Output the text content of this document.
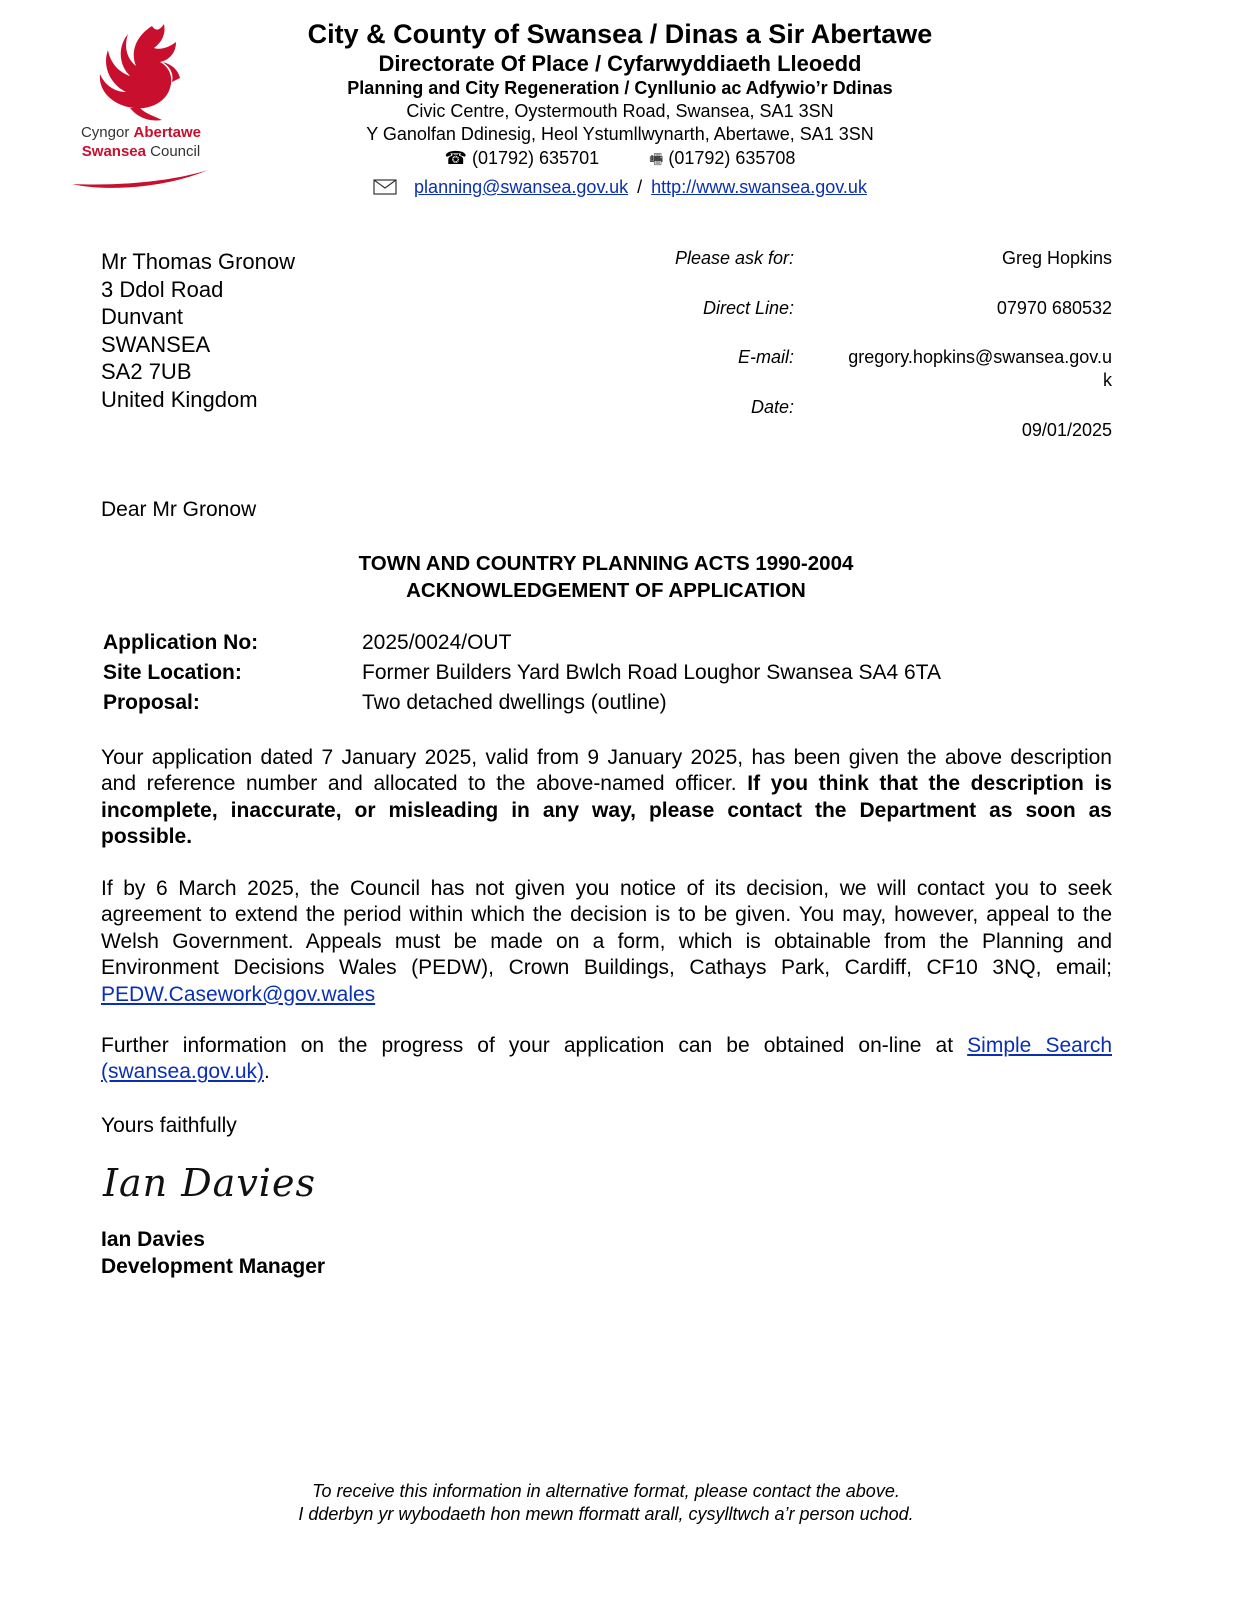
Cyngor Abertawe
Swansea Council
City & County of Swansea / Dinas a Sir Abertawe
Directorate Of Place / Cyfarwyddiaeth Lleoedd
Planning and City Regeneration / Cynllunio ac Adfywio’r Ddinas
Civic Centre, Oystermouth Road, Swansea, SA1 3SN
Y Ganolfan Ddinesig, Heol Ystumllwynarth, Abertawe, SA1 3SN
☎ (01792) 635701	🖷 (01792) 635708
planning@swansea.gov.uk / http://www.swansea.gov.uk
Mr Thomas Gronow
3 Ddol Road
Dunvant
SWANSEA
SA2 7UB
United Kingdom
Please ask for:	Greg Hopkins
Direct Line:	07970 680532
E-mail:	gregory.hopkins@swansea.gov.u
k
Date:
09/01/2025
Dear Mr Gronow
TOWN AND COUNTRY PLANNING ACTS 1990-2004
ACKNOWLEDGEMENT OF APPLICATION
Application No:	2025/0024/OUT
Site Location:	Former Builders Yard Bwlch Road Loughor Swansea SA4 6TA
Proposal:	Two detached dwellings (outline)
Your application dated 7 January 2025, valid from 9 January 2025, has been given the above description and reference number and allocated to the above-named officer. If you think that the description is incomplete, inaccurate, or misleading in any way, please contact the Department as soon as possible.
If by 6 March 2025, the Council has not given you notice of its decision, we will contact you to seek agreement to extend the period within which the decision is to be given. You may, however, appeal to the Welsh Government. Appeals must be made on a form, which is obtainable from the Planning and Environment Decisions Wales (PEDW), Crown Buildings, Cathays Park, Cardiff, CF10 3NQ, email; PEDW.Casework@gov.wales
Further information on the progress of your application can be obtained on-line at Simple Search (swansea.gov.uk).
Yours faithfully
Ian Davies
Ian Davies
Development Manager
To receive this information in alternative format, please contact the above.
I dderbyn yr wybodaeth hon mewn fformatt arall, cysylltwch a’r person uchod.
